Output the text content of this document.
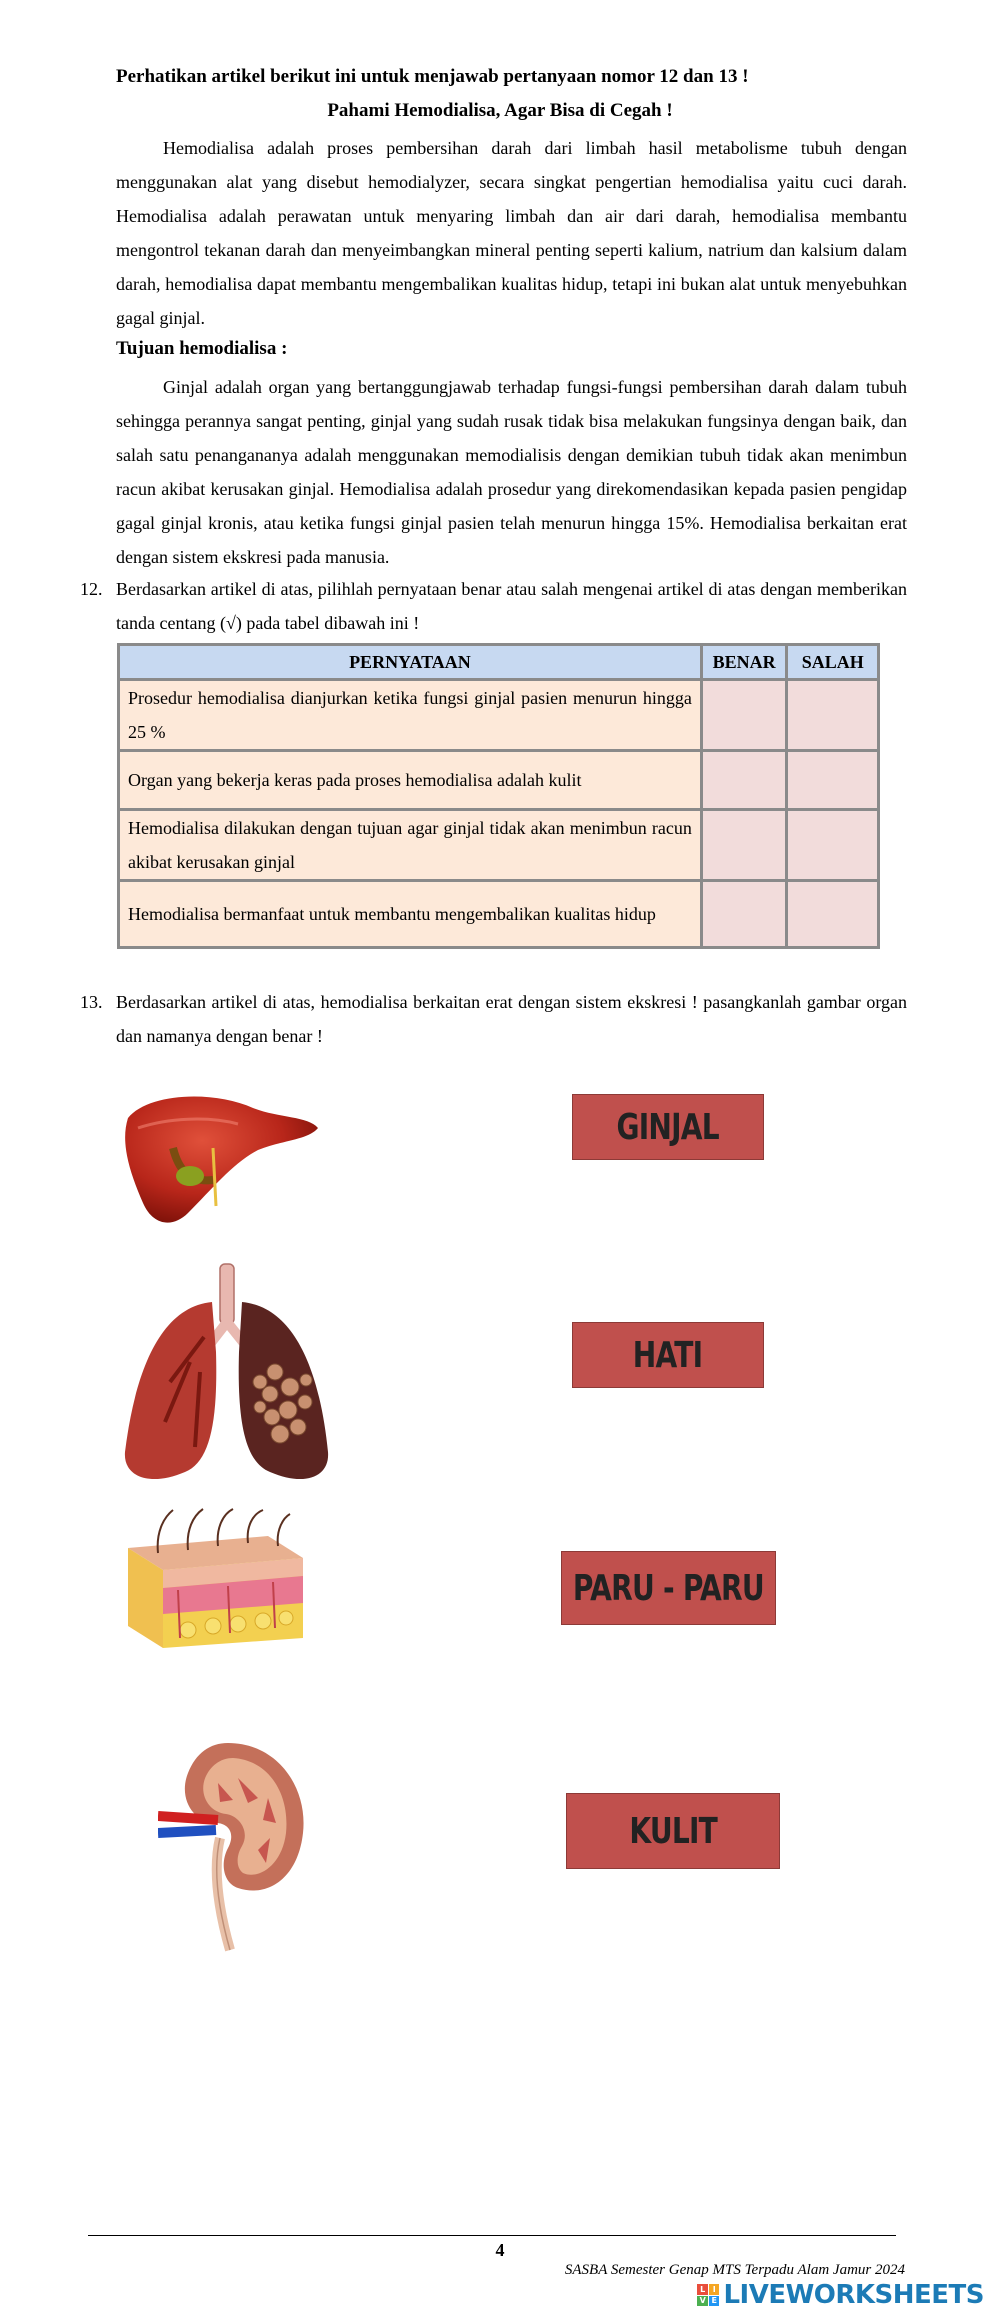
Perhatikan artikel berikut ini untuk menjawab pertanyaan nomor 12 dan 13 !
Pahami Hemodialisa, Agar Bisa di Cegah !
Hemodialisa adalah proses pembersihan darah dari limbah hasil metabolisme tubuh dengan menggunakan alat yang disebut hemodialyzer, secara singkat pengertian hemodialisa yaitu cuci darah. Hemodialisa adalah perawatan untuk menyaring limbah dan air dari darah, hemodialisa membantu mengontrol tekanan darah dan menyeimbangkan mineral penting seperti kalium, natrium dan kalsium dalam darah, hemodialisa dapat membantu mengembalikan kualitas hidup, tetapi ini bukan alat untuk menyebuhkan gagal ginjal.
Tujuan hemodialisa :
Ginjal adalah organ yang bertanggungjawab terhadap fungsi-fungsi pembersihan darah dalam tubuh sehingga perannya sangat penting, ginjal yang sudah rusak tidak bisa melakukan fungsinya dengan baik, dan salah satu penangananya adalah menggunakan memodialisis dengan demikian tubuh tidak akan menimbun racun akibat kerusakan ginjal. Hemodialisa adalah prosedur yang direkomendasikan kepada pasien pengidap gagal ginjal kronis, atau ketika fungsi ginjal pasien telah menurun hingga 15%. Hemodialisa berkaitan erat dengan sistem ekskresi pada manusia.
12. Berdasarkan artikel di atas, pilihlah pernyataan benar atau salah mengenai artikel di atas dengan memberikan tanda centang (√) pada tabel dibawah ini !
PERNYATAAN	BENAR	SALAH
Prosedur hemodialisa dianjurkan ketika fungsi ginjal pasien menurun hingga 25 %		
Organ yang bekerja keras pada proses hemodialisa adalah kulit		
Hemodialisa dilakukan dengan tujuan agar ginjal tidak akan menimbun racun akibat kerusakan ginjal		
Hemodialisa bermanfaat untuk membantu mengembalikan kualitas hidup		
13. Berdasarkan artikel di atas, hemodialisa berkaitan erat dengan sistem ekskresi ! pasangkanlah gambar organ dan namanya dengan benar !
GINJAL
HATI
PARU - PARU
KULIT
4
SASBA Semester Genap MTS Terpadu Alam Jamur 2024
L I
V E LIVEWORKSHEETS
